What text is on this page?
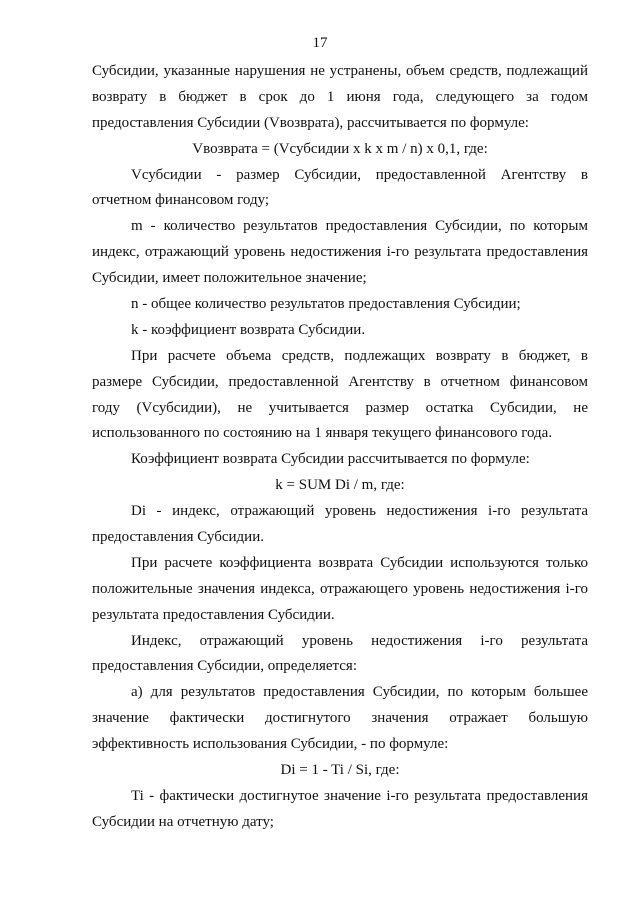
17
Субсидии, указанные нарушения не устранены, объем средств, подлежащий
возврату в бюджет в срок до 1 июня года, следующего за годом
предоставления Субсидии (Vвозврата), рассчитывается по формуле:
Vвозврата = (Vсубсидии x k x m / n) x 0,1, где:
Vсубсидии - размер Субсидии, предоставленной Агентству в
отчетном финансовом году;
m - количество результатов предоставления Субсидии, по которым
индекс, отражающий уровень недостижения i-го результата предоставления
Субсидии, имеет положительное значение;
n - общее количество результатов предоставления Субсидии;
k - коэффициент возврата Субсидии.
При расчете объема средств, подлежащих возврату в бюджет, в
размере Субсидии, предоставленной Агентству в отчетном финансовом
году (Vсубсидии), не учитывается размер остатка Субсидии, не
использованного по состоянию на 1 января текущего финансового года.
Коэффициент возврата Субсидии рассчитывается по формуле:
k = SUM Di / m, где:
Di - индекс, отражающий уровень недостижения i-го результата
предоставления Субсидии.
При расчете коэффициента возврата Субсидии используются только
положительные значения индекса, отражающего уровень недостижения i-го
результата предоставления Субсидии.
Индекс, отражающий уровень недостижения i-го результата
предоставления Субсидии, определяется:
а) для результатов предоставления Субсидии, по которым большее
значение фактически достигнутого значения отражает большую
эффективность использования Субсидии, - по формуле:
Di = 1 - Ti / Si, где:
Ti - фактически достигнутое значение i-го результата предоставления
Субсидии на отчетную дату;
